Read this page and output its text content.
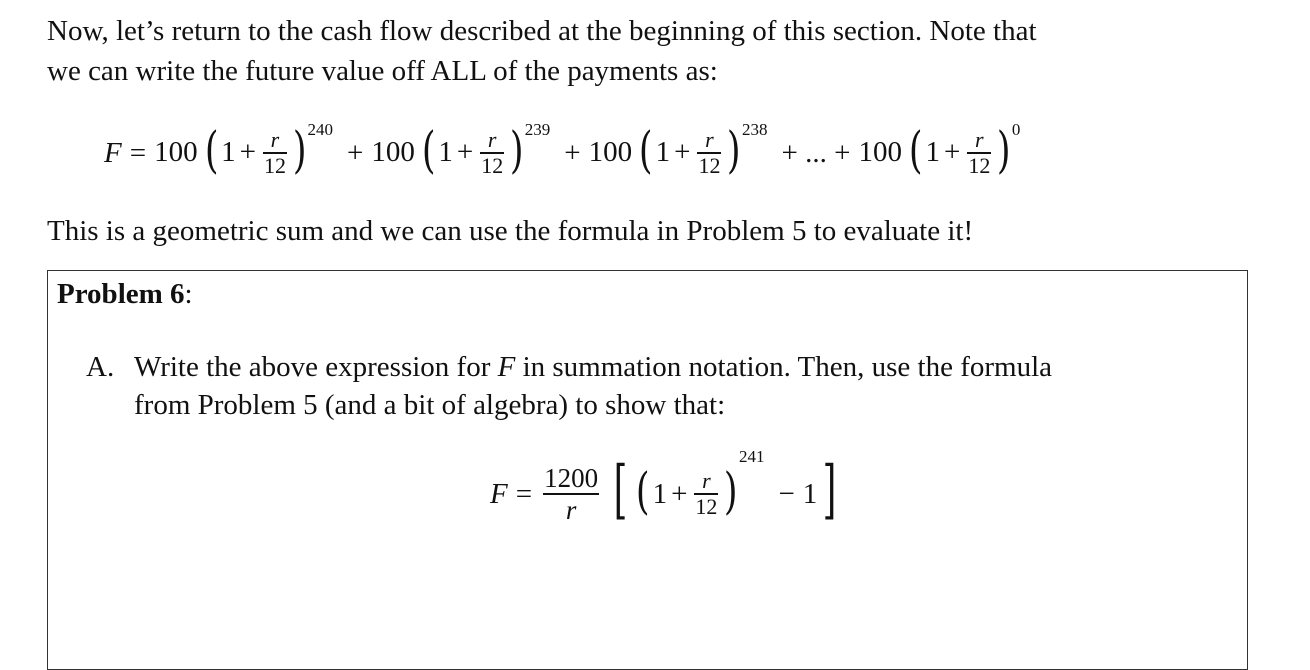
Now, let’s return to the cash flow described at the beginning of this section. Note that

we can write the future value off ALL of the payments as:

F = 100 ( $1 + \frac{r}{12}$ ) 240
+ 100 ( $1 + \frac{r}{12}$ ) 239
+ 100 ( $1 + \frac{r}{12}$ ) 238
+ ... + 100 ( $1 + \frac{r}{12}$ ) 0

This is a geometric sum and we can use the formula in Problem 5 to evaluate it!

Problem 6:
A. Write the above expression for F in summation notation. Then, use the formula
from Problem 5 (and a bit of algebra) to show that:
$F = \frac{1200}{r}$ [ ( $1 + \frac{r}{12}$ )
241
− 1 ]
